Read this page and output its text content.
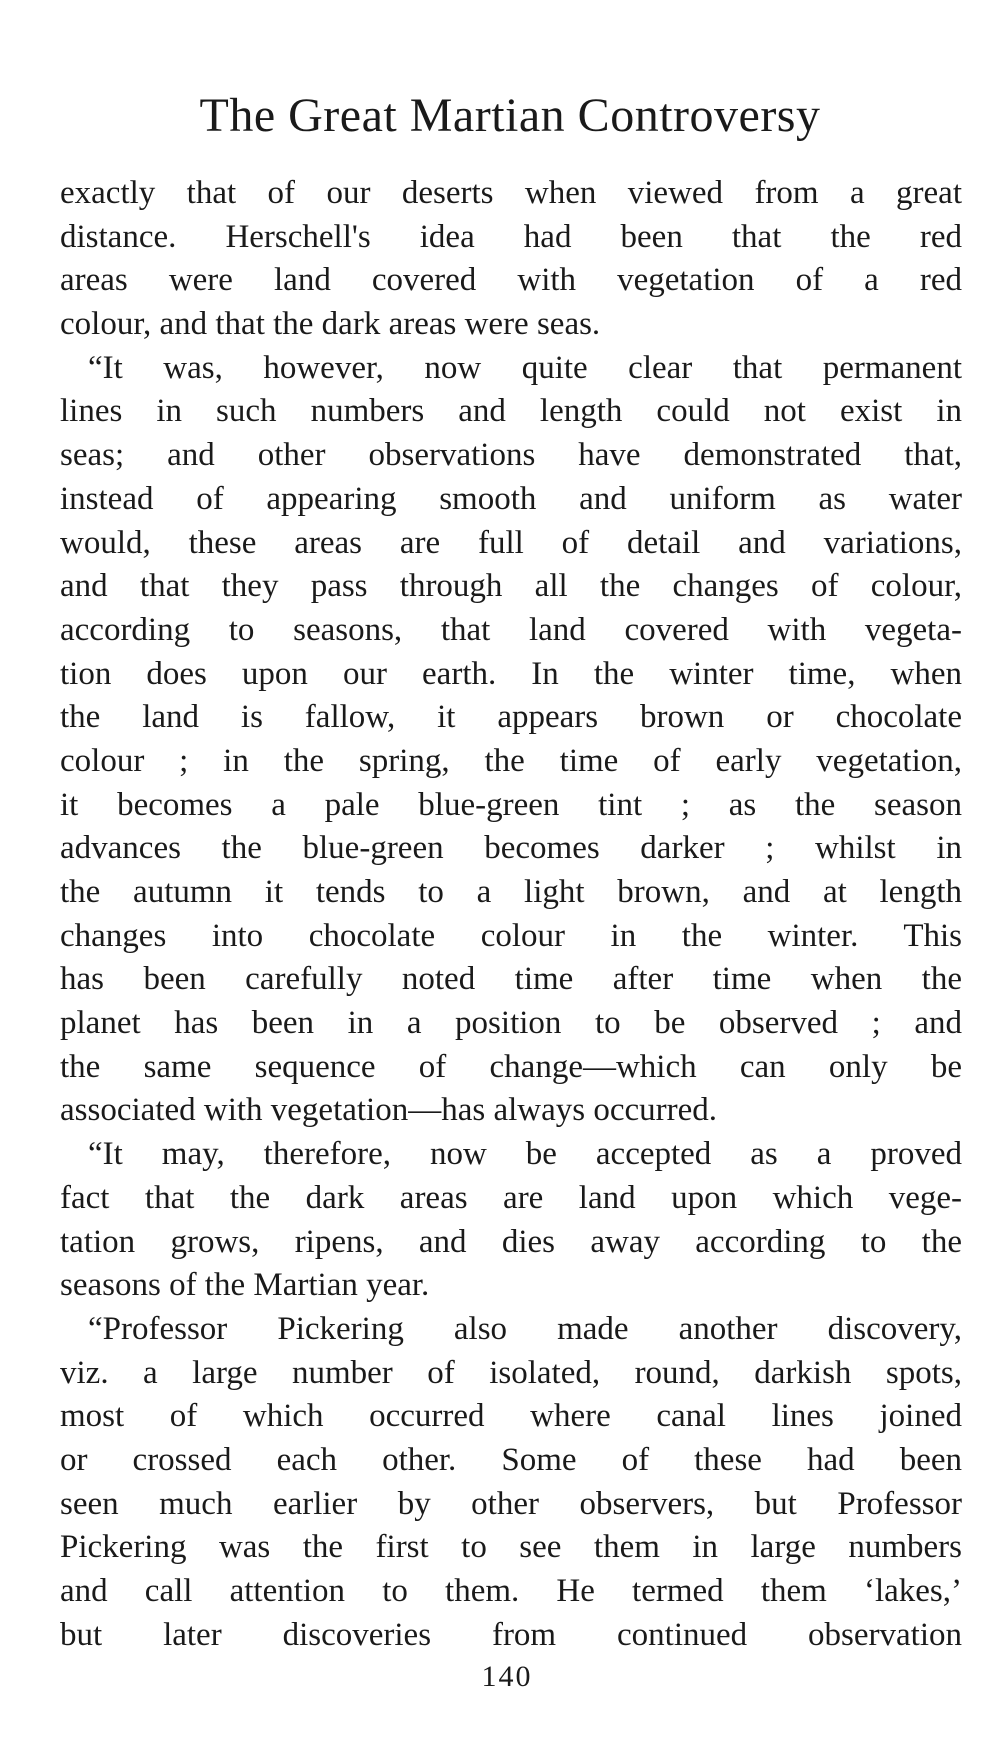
The Great Martian Controversy
exactly that of our deserts when viewed from a great
distance. Herschell's idea had been that the red
areas were land covered with vegetation of a red
colour, and that the dark areas were seas.
“It was, however, now quite clear that permanent
lines in such numbers and length could not exist in
seas; and other observations have demonstrated that,
instead of appearing smooth and uniform as water
would, these areas are full of detail and variations,
and that they pass through all the changes of colour,
according to seasons, that land covered with vegeta-
tion does upon our earth. In the winter time, when
the land is fallow, it appears brown or chocolate
colour ; in the spring, the time of early vegetation,
it becomes a pale blue-green tint ; as the season
advances the blue-green becomes darker ; whilst in
the autumn it tends to a light brown, and at length
changes into chocolate colour in the winter. This
has been carefully noted time after time when the
planet has been in a position to be observed ; and
the same sequence of change—which can only be
associated with vegetation—has always occurred.
“It may, therefore, now be accepted as a proved
fact that the dark areas are land upon which vege-
tation grows, ripens, and dies away according to the
seasons of the Martian year.
“Professor Pickering also made another discovery,
viz. a large number of isolated, round, darkish spots,
most of which occurred where canal lines joined
or crossed each other. Some of these had been
seen much earlier by other observers, but Professor
Pickering was the first to see them in large numbers
and call attention to them. He termed them ‘lakes,’
but later discoveries from continued observation
140
